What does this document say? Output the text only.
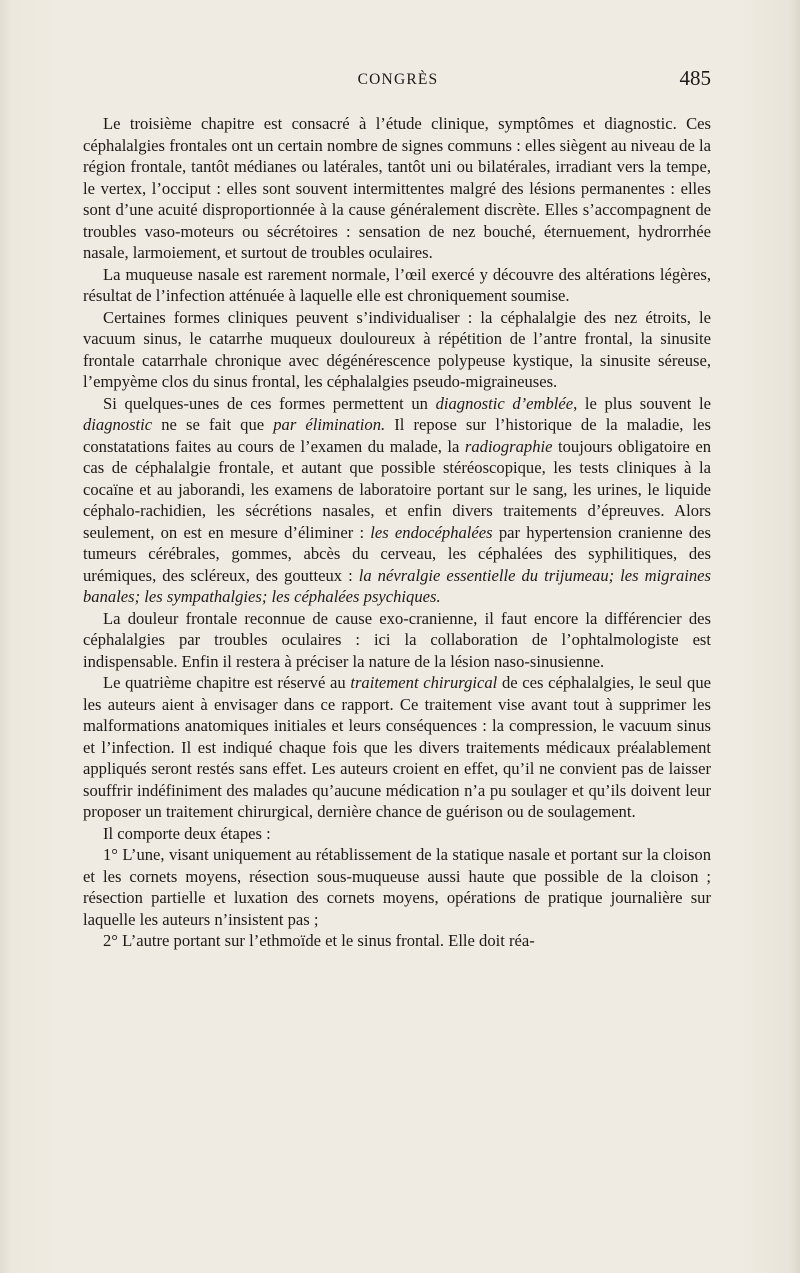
CONGRÈS	485

Le troisième chapitre est consacré à l’étude clinique, symptômes et diagnostic. Ces céphalalgies frontales ont un certain nombre de signes communs : elles siègent au niveau de la région frontale, tantôt médianes ou latérales, tantôt uni ou bilatérales, irradiant vers la tempe, le vertex, l’occiput : elles sont souvent intermittentes malgré des lésions permanentes : elles sont d’une acuité disproportionnée à la cause généralement discrète. Elles s’accompagnent de troubles vaso-moteurs ou sécrétoires : sensation de nez bouché, éternuement, hydrorrhée nasale, larmoiement, et surtout de troubles oculaires.

La muqueuse nasale est rarement normale, l’œil exercé y découvre des altérations légères, résultat de l’infection atténuée à laquelle elle est chroniquement soumise.

Certaines formes cliniques peuvent s’individualiser : la céphalalgie des nez étroits, le vacuum sinus, le catarrhe muqueux douloureux à répétition de l’antre frontal, la sinusite frontale catarrhale chronique avec dégénérescence polypeuse kystique, la sinusite séreuse, l’empyème clos du sinus frontal, les céphalalgies pseudo-migraineuses.

Si quelques-unes de ces formes permettent un diagnostic d’emblée, le plus souvent le diagnostic ne se fait que par élimination. Il repose sur l’historique de la maladie, les constatations faites au cours de l’examen du malade, la radiographie toujours obligatoire en cas de céphalalgie frontale, et autant que possible stéréoscopique, les tests cliniques à la cocaïne et au jaborandi, les examens de laboratoire portant sur le sang, les urines, le liquide céphalo-rachidien, les sécrétions nasales, et enfin divers traitements d’épreuves. Alors seulement, on est en mesure d’éliminer : les endocéphalées par hypertension cranienne des tumeurs cérébrales, gommes, abcès du cerveau, les céphalées des syphilitiques, des urémiques, des scléreux, des goutteux : la névralgie essentielle du trijumeau; les migraines banales; les sympathalgies; les céphalées psychiques.

La douleur frontale reconnue de cause exo-cranienne, il faut encore la différencier des céphalalgies par troubles oculaires : ici la collaboration de l’ophtalmologiste est indispensable. Enfin il restera à préciser la nature de la lésion naso-sinusienne.

Le quatrième chapitre est réservé au traitement chirurgical de ces céphalalgies, le seul que les auteurs aient à envisager dans ce rapport. Ce traitement vise avant tout à supprimer les malformations anatomiques initiales et leurs conséquences : la compression, le vacuum sinus et l’infection. Il est indiqué chaque fois que les divers traitements médicaux préalablement appliqués seront restés sans effet. Les auteurs croient en effet, qu’il ne convient pas de laisser souffrir indéfiniment des malades qu’aucune médication n’a pu soulager et qu’ils doivent leur proposer un traitement chirurgical, dernière chance de guérison ou de soulagement.

Il comporte deux étapes :

1° L’une, visant uniquement au rétablissement de la statique nasale et portant sur la cloison et les cornets moyens, résection sous-muqueuse aussi haute que possible de la cloison ; résection partielle et luxation des cornets moyens, opérations de pratique journalière sur laquelle les auteurs n’insistent pas ;

2° L’autre portant sur l’ethmoïde et le sinus frontal. Elle doit réa-
